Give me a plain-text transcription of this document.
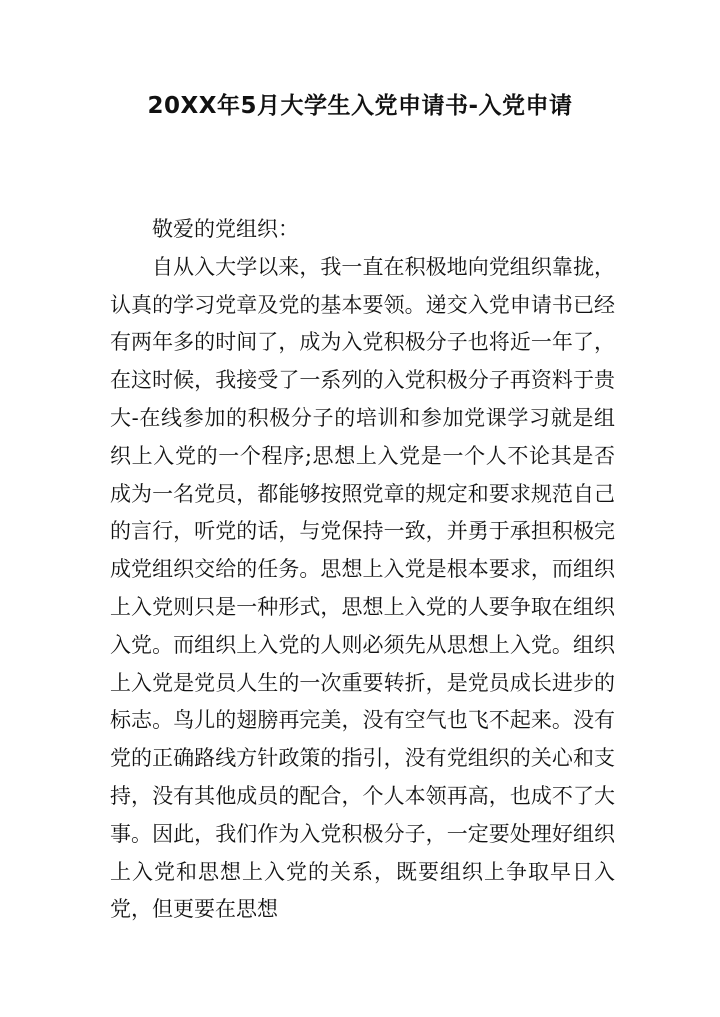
20XX年5月大学生入党申请书-入党申请

敬爱的党组织：

自从入大学以来，我一直在积极地向党组织靠拢，认真的学习党章及党的基本要领。递交入党申请书已经有两年多的时间了，成为入党积极分子也将近一年了，在这时候，我接受了一系列的入党积极分子再资料于贵大-在线参加的积极分子的培训和参加党课学习就是组织上入党的一个程序;思想上入党是一个人不论其是否成为一名党员，都能够按照党章的规定和要求规范自己的言行，听党的话，与党保持一致，并勇于承担积极完成党组织交给的任务。思想上入党是根本要求，而组织上入党则只是一种形式，思想上入党的人要争取在组织入党。而组织上入党的人则必须先从思想上入党。组织上入党是党员人生的一次重要转折，是党员成长进步的标志。鸟儿的翅膀再完美，没有空气也飞不起来。没有党的正确路线方针政策的指引，没有党组织的关心和支持，没有其他成员的配合，个人本领再高，也成不了大事。因此，我们作为入党积极分子，一定要处理好组织上入党和思想上入党的关系，既要组织上争取早日入党，但更要在思想
